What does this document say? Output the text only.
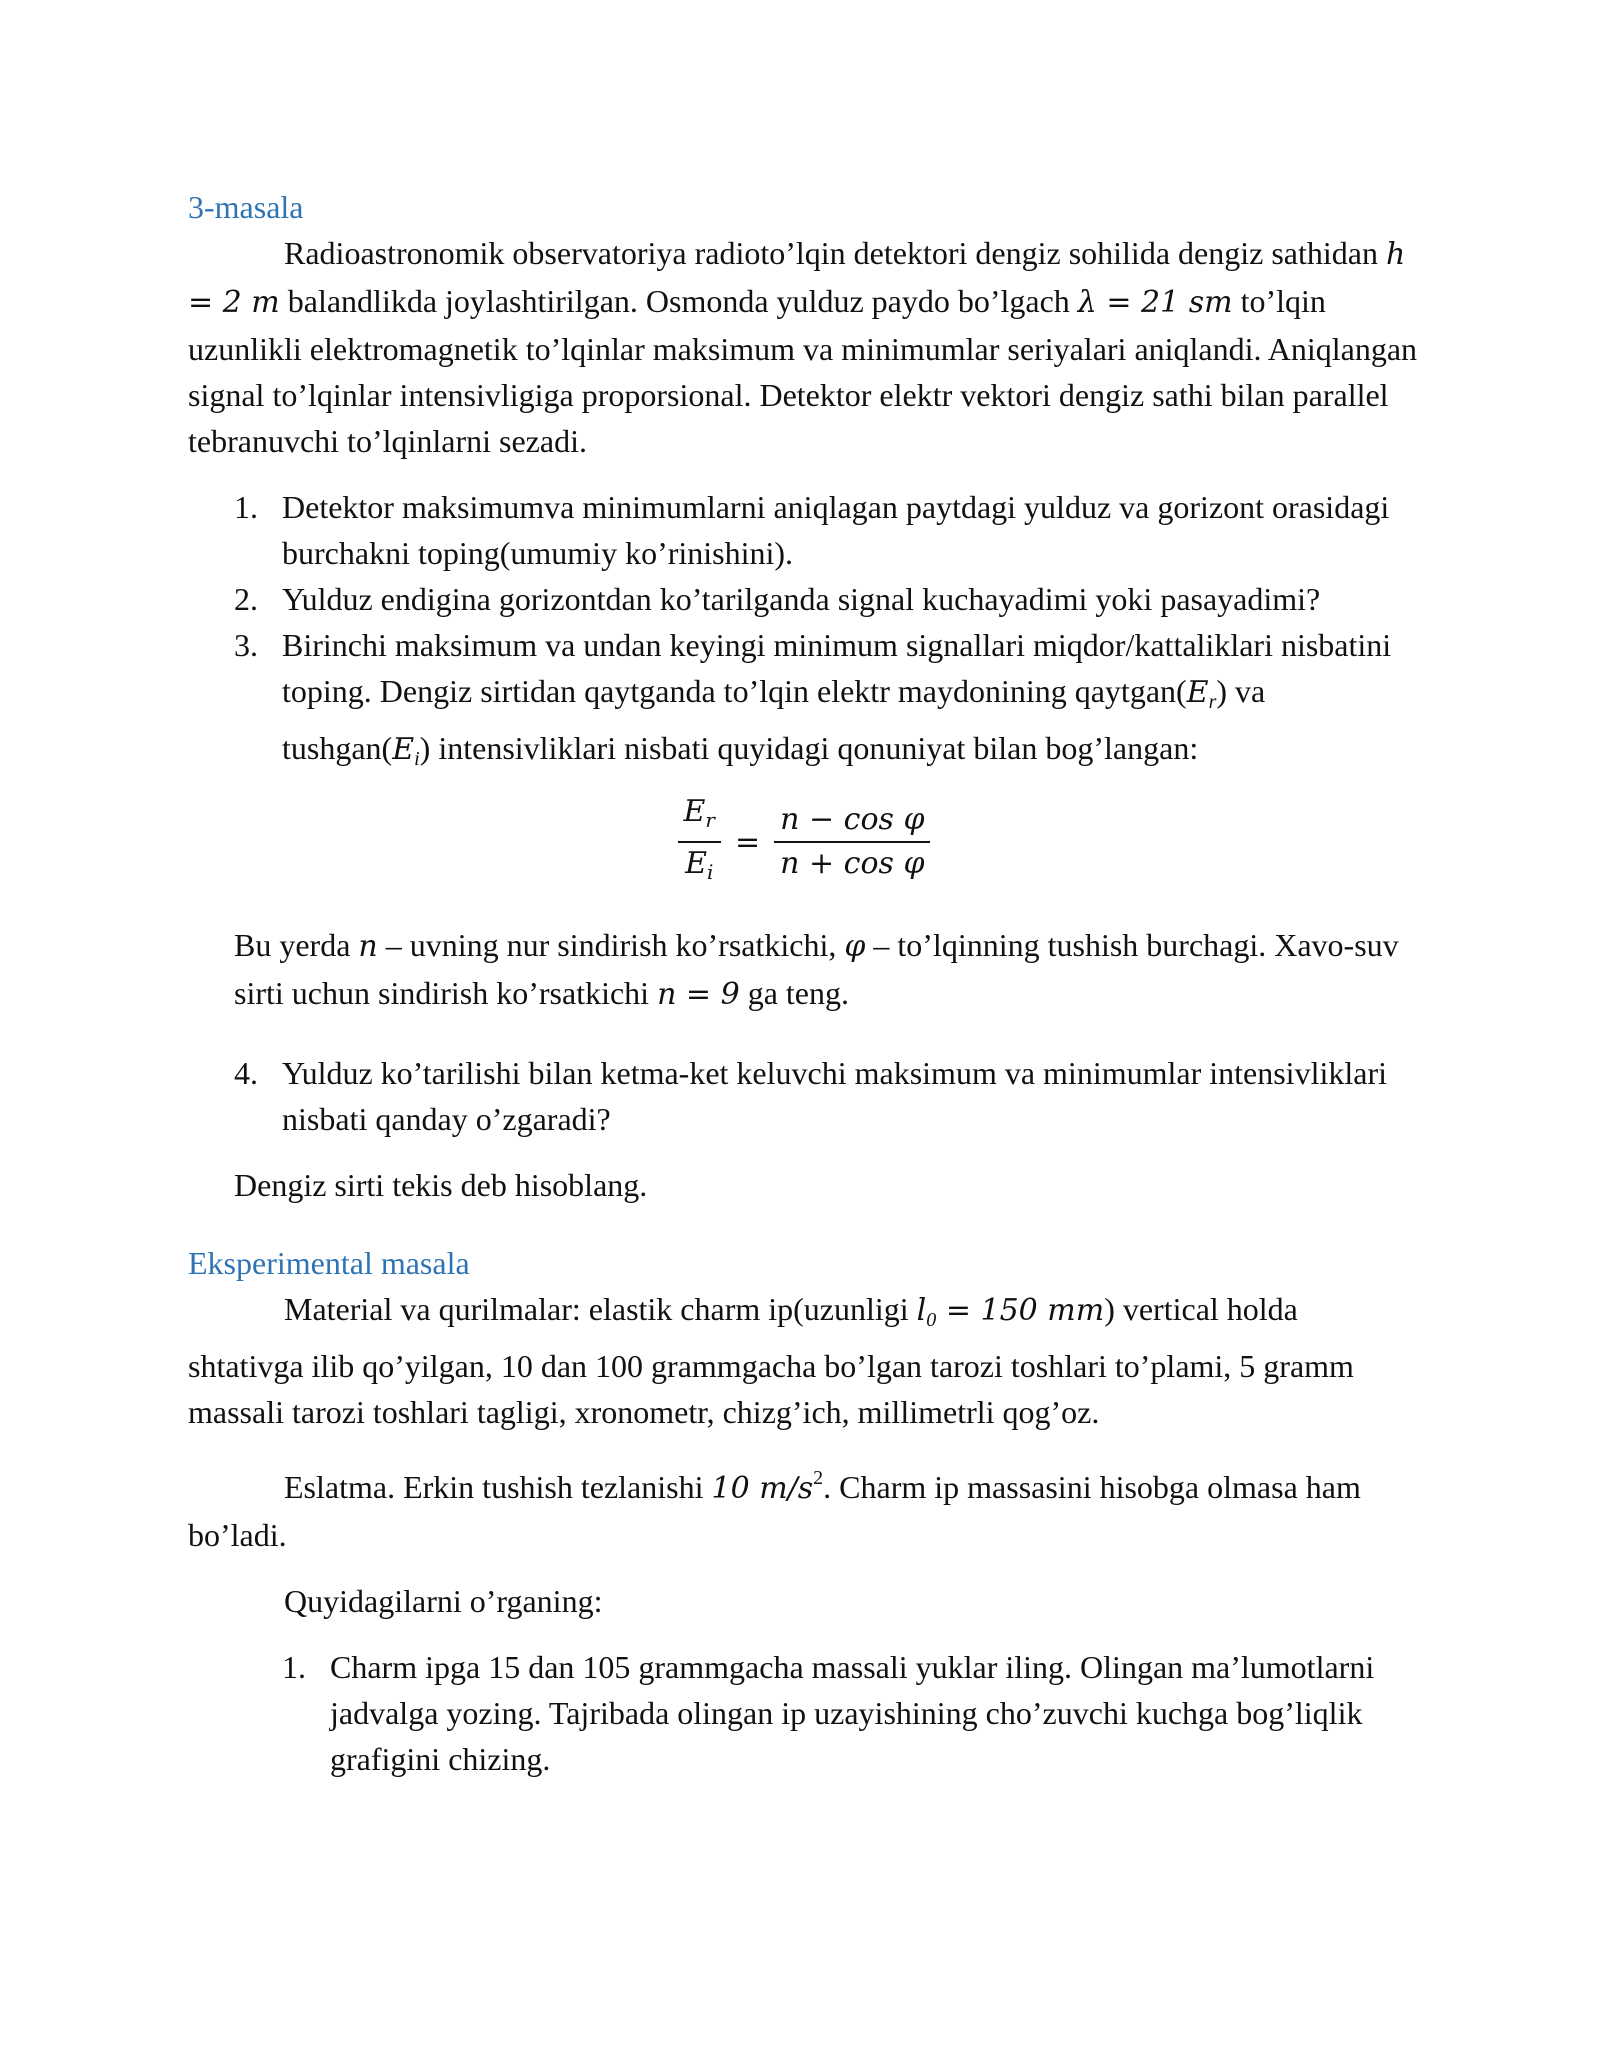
3-masala

Radioastronomik observatoriya radioto’lqin detektori dengiz sohilida dengiz sathidan h = 2 m balandlikda joylashtirilgan. Osmonda yulduz paydo bo’lgach λ = 21 sm to’lqin uzunlikli elektromagnetik to’lqinlar maksimum va minimumlar seriyalari aniqlandi. Aniqlangan signal to’lqinlar intensivligiga proporsional. Detektor elektr vektori dengiz sathi bilan parallel tebranuvchi to’lqinlarni sezadi.

1. Detektor maksimumva minimumlarni aniqlagan paytdagi yulduz va gorizont orasidagi burchakni toping(umumiy ko’rinishini).
2. Yulduz endigina gorizontdan ko’tarilganda signal kuchayadimi yoki pasayadimi?
3. Birinchi maksimum va undan keyingi minimum signallari miqdor/kattaliklari nisbatini toping. Dengiz sirtidan qaytganda to’lqin elektr maydonining $qaytgan(E_r)$ va $tushgan(E_i)$ intensivliklari nisbati quyidagi qonuniyat bilan bog’langan:
$\frac{E_r}{E_i} = \frac{\text{n − cos φ}}{\text{n + cos φ}}$

Bu yerda n – uvning nur sindirish ko’rsatkichi, φ – to’lqinning tushish burchagi. Xavo-suv sirti uchun sindirish ko’rsatkichi n = 9 ga teng.

4. Yulduz ko’tarilishi bilan ketma-ket keluvchi maksimum va minimumlar intensivliklari nisbati qanday o’zgaradi?

Dengiz sirti tekis deb hisoblang.

Eksperimental masala

Material va qurilmalar: elastik charm ip(uzunligi $l_0 = 150$ mm) vertical holda shtativga ilib qo’yilgan, 10 dan 100 grammgacha bo’lgan tarozi toshlari to’plami, 5 gramm massali tarozi toshlari tagligi, xronometr, chizg’ich, millimetrli qog’oz.

Eslatma. Erkin tushish tezlanishi 10 $m/s^2$. Charm ip massasini hisobga olmasa ham bo’ladi.

Quyidagilarni o’rganing:

1. Charm ipga 15 dan 105 grammgacha massali yuklar iling. Olingan ma’lumotlarni jadvalga yozing. Tajribada olingan ip uzayishining cho’zuvchi kuchga bog’liqlik grafigini chizing.
